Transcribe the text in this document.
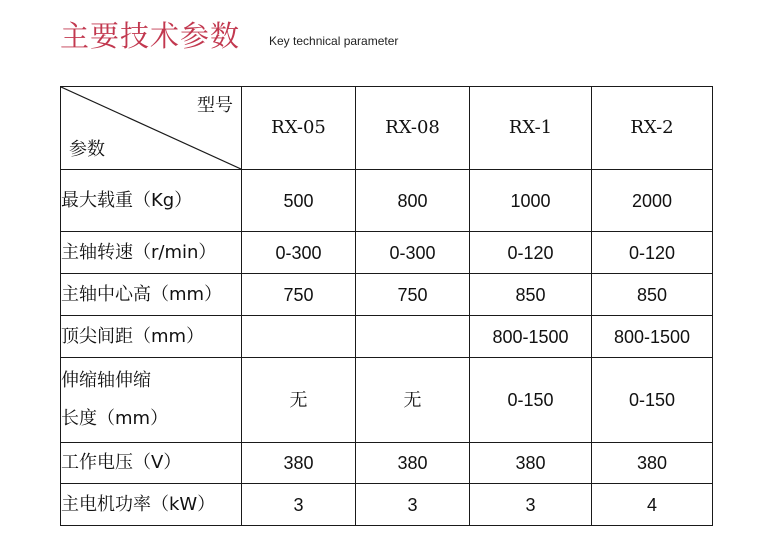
主要技术参数 Key technical parameter
型号
参数	RX-05	RX-08	RX-1	RX-2
最大载重（Kg）	500	800	1000	2000
主轴转速（r/min）	0-300	0-300	0-120	0-120
主轴中心高（mm）	750	750	850	850
顶尖间距（mm）			800-1500	800-1500

伸缩轴伸缩
长度（mm）	无	无	0-150	0-150
工作电压（V）	380	380	380	380
主电机功率（kW）	3	3	3	4
